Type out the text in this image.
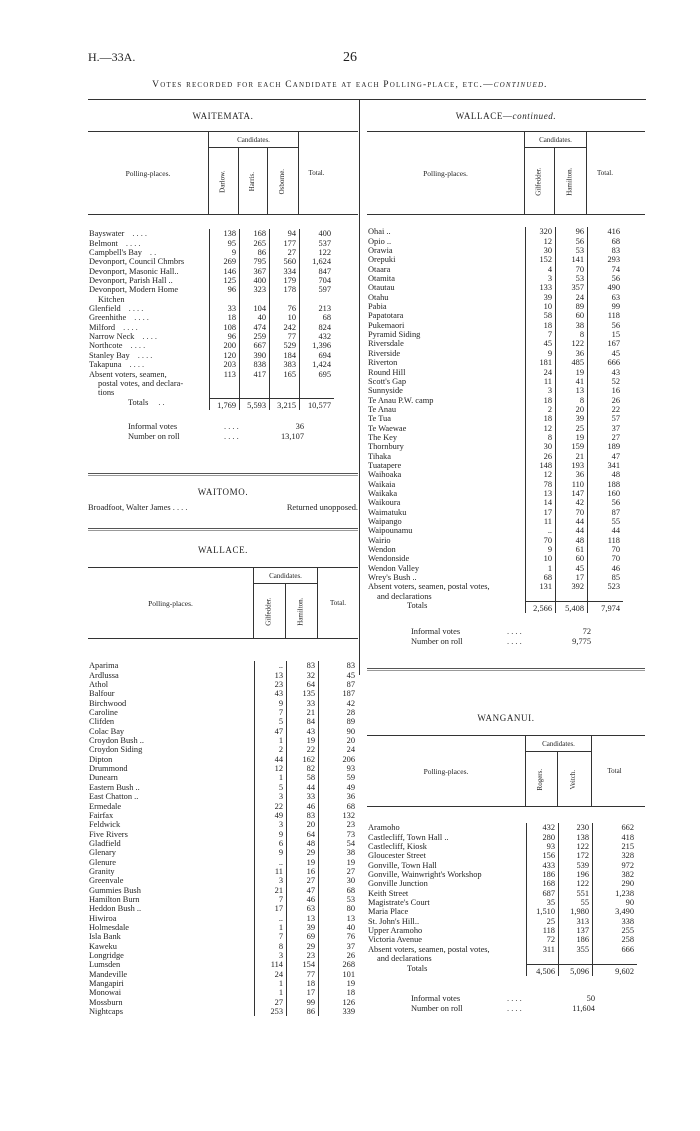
H.—33A.	26
Votes recorded for each Candidate at each Polling-place, etc.—continued.
WAITEMATA.
Polling-places.
Candidates.
Darlow.	Harris.	Osborne.	Total.
Bayswater . . . .	138	168	94	400
Belmont . . . .	95	265	177	537
Campbell's Bay . .	9	86	27	122
Devonport, Council Chmbrs	269	795	560	1,624
Devonport, Masonic Hall..	146	367	334	847
Devonport, Parish Hall ..	125	400	179	704
Devonport, Modern Home	96	323	178	597
Kitchen
Glenfield . . . .	33	104	76	213
Greenhithe . . . .	18	40	10	68
Milford . . . .	108	474	242	824
Narrow Neck . . . .	96	259	77	432
Northcote . . . .	200	667	529	1,396
Stanley Bay . . . .	120	390	184	694
Takapuna . . . .	203	838	383	1,424
Absent voters, seamen,	113	417	165	695
postal votes, and declara-
tions
Totals . .	1,769	5,593	3,215	10,577
Informal votes	. . . .	36
Number on roll	. . . .	13,107
WAITOMO.
Broadfoot, Walter James . . . .	Returned unopposed.
WALLACE.
Polling-places.
Candidates.
Gilfedder.	Hamilton.	Total.
Aparima	..	83	83
Ardlussa	13	32	45
Athol	23	64	87
Balfour	43	135	187
Birchwood	9	33	42
Caroline	7	21	28
Clifden	5	84	89
Colac Bay	47	43	90
Croydon Bush ..	1	19	20
Croydon Siding	2	22	24
Dipton	44	162	206
Drummond	12	82	93
Dunearn	1	58	59
Eastern Bush ..	5	44	49
East Chatton ..	3	33	36
Ermedale	22	46	68
Fairfax	49	83	132
Feldwick	3	20	23
Five Rivers	9	64	73
Gladfield	6	48	54
Glenary	9	29	38
Glenure	..	19	19
Granity	11	16	27
Greenvale	3	27	30
Gummies Bush	21	47	68
Hamilton Burn	7	46	53
Heddon Bush ..	17	63	80
Hiwiroa	..	13	13
Holmesdale	1	39	40
Isla Bank	7	69	76
Kaweku	8	29	37
Longridge	3	23	26
Lumsden	114	154	268
Mandeville	24	77	101
Mangapiri	1	18	19
Monowai	1	17	18
Mossburn	27	99	126
Nightcaps	253	86	339
WALLACE—continued.
Polling-places.
Candidates.
Gilfedder.	Hamilton.	Total.
Ohai ..	320	96	416
Opio ..	12	56	68
Orawia	30	53	83
Orepuki	152	141	293
Otaara	4	70	74
Otamita	3	53	56
Otautau	133	357	490
Otahu	39	24	63
Pabia	10	89	99
Papatotara	58	60	118
Pukemaori	18	38	56
Pyramid Siding	7	8	15
Riversdale	45	122	167
Riverside	9	36	45
Riverton	181	485	666
Round Hill	24	19	43
Scott's Gap	11	41	52
Sunnyside	3	13	16
Te Anau P.W. camp	18	8	26
Te Anau	2	20	22
Te Tua	18	39	57
Te Waewae	12	25	37
The Key	8	19	27
Thornbury	30	159	189
Tihaka	26	21	47
Tuatapere	148	193	341
Waihoaka	12	36	48
Waikaia	78	110	188
Waikaka	13	147	160
Waikoura	14	42	56
Waimatuku	17	70	87
Waipango	11	44	55
Waipounamu	..	44	44
Wairio	70	48	118
Wendon	9	61	70
Wendonside	10	60	70
Wendon Valley	1	45	46
Wrey's Bush ..	68	17	85
Absent voters, seamen, postal votes,	131	392	523
and declarations
Totals	2,566	5,408	7,974
Informal votes	. . . .	72
Number on roll	. . . .	9,775
WANGANUI.
Polling-places.
Candidates.
Rogers.	Veitch.	Total
Aramoho	432	230	662
Castlecliff, Town Hall ..	280	138	418
Castlecliff, Kiosk	93	122	215
Gloucester Street	156	172	328
Gonville, Town Hall	433	539	972
Gonville, Wainwright's Workshop	186	196	382
Gonville Junction	168	122	290
Keith Street	687	551	1,238
Magistrate's Court	35	55	90
Maria Place	1,510	1,980	3,490
St. John's Hill..	25	313	338
Upper Aramoho	118	137	255
Victoria Avenue	72	186	258
Absent voters, seamen, postal votes,	311	355	666
and declarations
Totals	4,506	5,096	9,602
Informal votes	. . . .	50
Number on roll	. . . .	11,604
